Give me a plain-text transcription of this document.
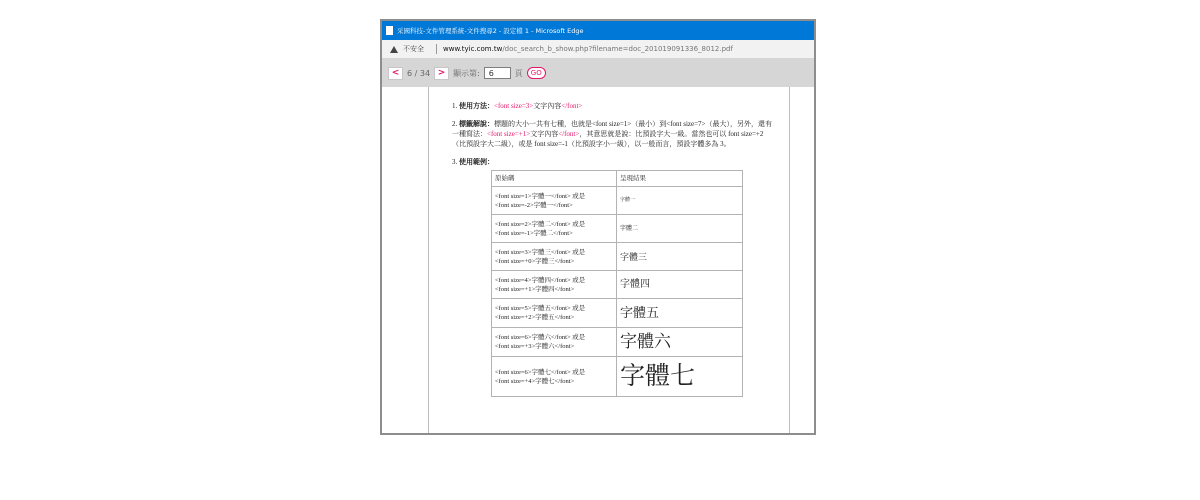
采國科技-文件管理系統-文件搜尋2 - 設定檔 1 - Microsoft Edge
不安全	www.tyic.com.tw /doc_search_b_show.php?filename=doc_201019091336_8012.pdf
< 6 / 34 > 顯示第:	6	頁	GO
1. 使用方法：<font size=3>文字內容</font>
2. 標籤解說：標題的大小一共有七種，也就是<font size=1>（最小）到<font size=7>（最大），另外，還有一種寫法：<font size=+1>文字內容</font>，其意思就是說：比預設字大一級。當然也可以 font size=+2（比預設字大二級），或是 font size=-1（比預設字小一級），以一般而言，預設字體多為 3。
3. 使用範例：
原始碼	呈現結果
<font size=1>字體一</font> 或是
<font size=-2>字體一</font>	字體一
<font size=2>字體二</font> 或是
<font size=-1>字體二</font>	字體二
<font size=3>字體三</font> 或是
<font size=+0>字體三</font>	字體三
<font size=4>字體四</font> 或是
<font size=+1>字體四</font>	字體四
<font size=5>字體五</font> 或是
<font size=+2>字體五</font>	字體五
<font size=6>字體六</font> 或是
<font size=+3>字體六</font>	字體六
<font size=6>字體七</font> 或是
<font size=+4>字體七</font>	字體七
